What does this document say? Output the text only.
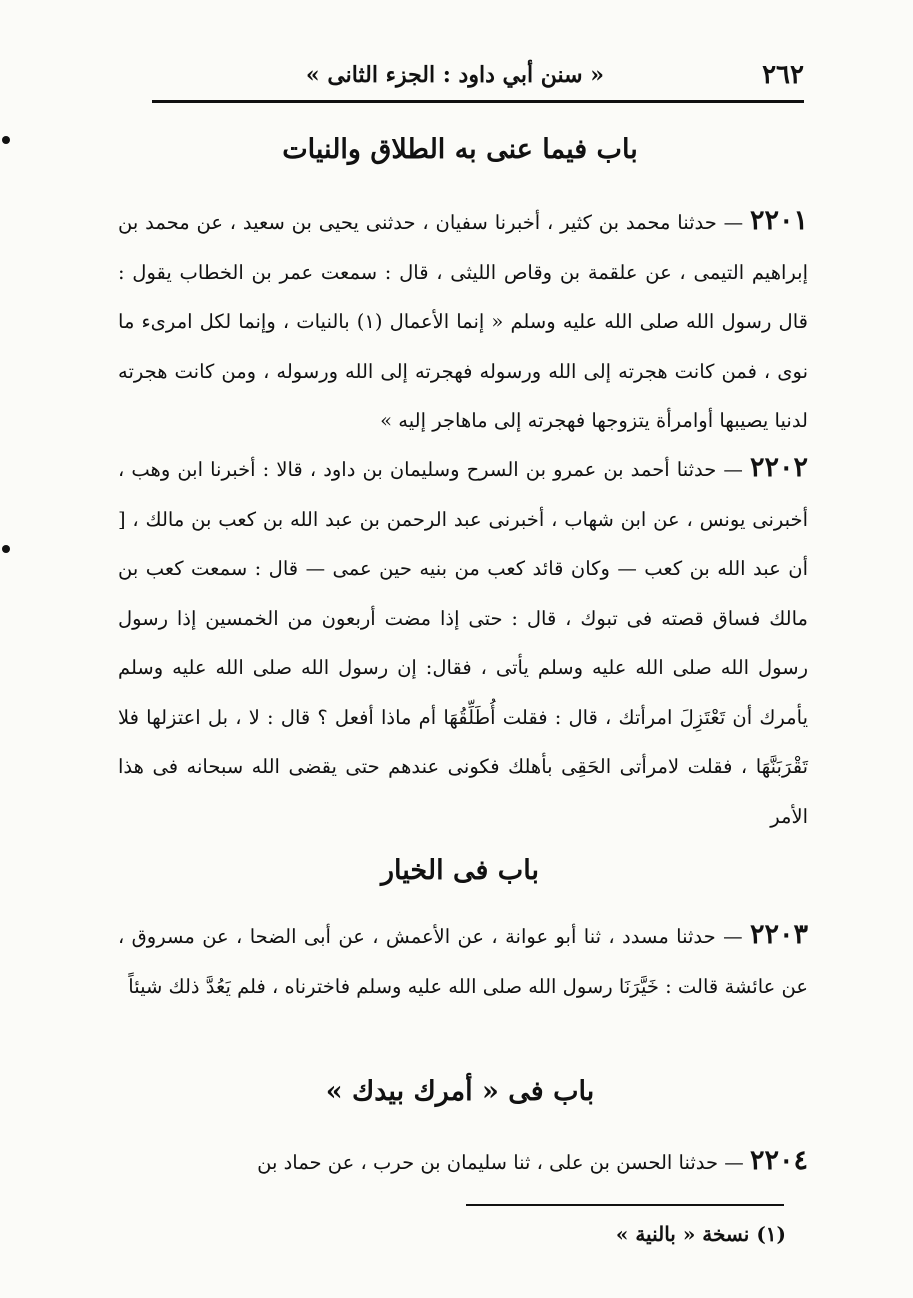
٢٦٢
« سنن أبي داود : الجزء الثانى »
باب فيما عنى به الطلاق والنيات

٢٢٠١ — حدثنا محمد بن كثير ، أخبرنا سفيان ، حدثنى يحيى بن سعيد ، عن محمد بن إبراهيم التيمى ، عن علقمة بن وقاص الليثى ، قال : سمعت عمر بن الخطاب يقول : قال رسول الله صلى الله عليه وسلم « إنما الأعمال (١) بالنيات ، وإنما لكل امرىء ما نوى ، فمن كانت هجرته إلى الله ورسوله فهجرته إلى الله ورسوله ، ومن كانت هجرته لدنيا يصيبها أوامرأة يتزوجها فهجرته إلى ماهاجر إليه »

٢٢٠٢ — حدثنا أحمد بن عمرو بن السرح وسليمان بن داود ، قالا : أخبرنا ابن وهب ، أخبرنى يونس ، عن ابن شهاب ، أخبرنى عبد الرحمن بن عبد الله بن كعب بن مالك ، [ أن عبد الله بن كعب — وكان قائد كعب من بنيه حين عمى — قال : سمعت كعب بن مالك فساق قصته فى تبوك ، قال : حتى إذا مضت أربعون من الخمسين إذا رسول رسول الله صلى الله عليه وسلم يأتى ، فقال: إن رسول الله صلى الله عليه وسلم يأمرك أن تَعْتَزِلَ امرأتك ، قال : فقلت أُطَلِّقُهَا أم ماذا أفعل ؟ قال : لا ، بل اعتزلها فلا تَقْرَبَنَّهَا ، فقلت لامرأتى الحَقِى بأهلك فكونى عندهم حتى يقضى الله سبحانه فى هذا الأمر

باب فى الخيار

٢٢٠٣ — حدثنا مسدد ، ثنا أبو عوانة ، عن الأعمش ، عن أبى الضحا ، عن مسروق ، عن عائشة قالت : خَيَّرَنَا رسول الله صلى الله عليه وسلم فاخترناه ، فلم يَعُدَّ ذلك شيئاً

باب فى « أمرك بيدك »

٢٢٠٤ — حدثنا الحسن بن على ، ثنا سليمان بن حرب ، عن حماد بن

(١) نسخة « بالنية »
